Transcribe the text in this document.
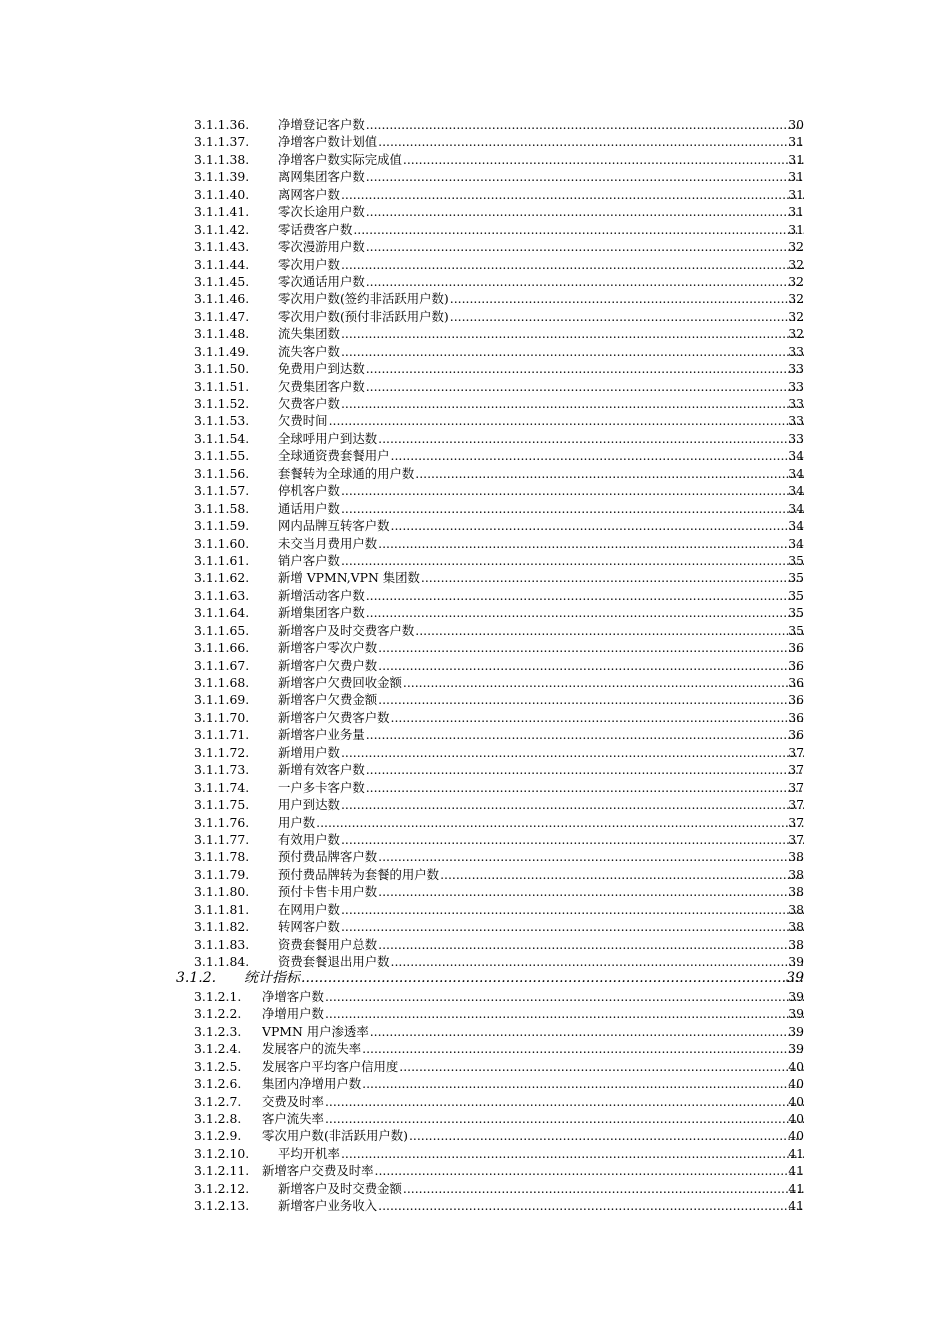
3.1.1.36. 净增登记客户数 .....	30
3.1.1.37. 净增客户数计划值 .....	31
3.1.1.38. 净增客户数实际完成值 .....	31
3.1.1.39. 离网集团客户数 .....	31
3.1.1.40. 离网客户数 .....	31
3.1.1.41. 零次长途用户数 .....	31
3.1.1.42. 零话费客户数 .....	31
3.1.1.43. 零次漫游用户数 .....	32
3.1.1.44. 零次用户数 .....	32
3.1.1.45. 零次通话用户数 .....	32
3.1.1.46. 零次用户数(签约非活跃用户数) .....	32
3.1.1.47. 零次用户数(预付非活跃用户数) .....	32
3.1.1.48. 流失集团数 .....	32
3.1.1.49. 流失客户数 .....	33
3.1.1.50. 免费用户到达数 .....	33
3.1.1.51. 欠费集团客户数 .....	33
3.1.1.52. 欠费客户数 .....	33
3.1.1.53. 欠费时间 .....	33
3.1.1.54. 全球呼用户到达数 .....	33
3.1.1.55. 全球通资费套餐用户 .....	34
3.1.1.56. 套餐转为全球通的用户数 .....	34
3.1.1.57. 停机客户数 .....	34
3.1.1.58. 通话用户数 .....	34
3.1.1.59. 网内品牌互转客户数 .....	34
3.1.1.60. 未交当月费用户数 .....	34
3.1.1.61. 销户客户数 .....	35
3.1.1.62. 新增 VPMN,VPN 集团数 .....	35
3.1.1.63. 新增活动客户数 .....	35
3.1.1.64. 新增集团客户数 .....	35
3.1.1.65. 新增客户及时交费客户数 .....	35
3.1.1.66. 新增客户零次户数 .....	36
3.1.1.67. 新增客户欠费户数 .....	36
3.1.1.68. 新增客户欠费回收金额 .....	36
3.1.1.69. 新增客户欠费金额 .....	36
3.1.1.70. 新增客户欠费客户数 .....	36
3.1.1.71. 新增客户业务量 .....	36
3.1.1.72. 新增用户数 .....	37
3.1.1.73. 新增有效客户数 .....	37
3.1.1.74. 一户多卡客户数 .....	37
3.1.1.75. 用户到达数 .....	37
3.1.1.76. 用户数 .....	37
3.1.1.77. 有效用户数 .....	37
3.1.1.78. 预付费品牌客户数 .....	38
3.1.1.79. 预付费品牌转为套餐的用户数 .....	38
3.1.1.80. 预付卡售卡用户数 .....	38
3.1.1.81. 在网用户数 .....	38
3.1.1.82. 转网客户数 .....	38
3.1.1.83. 资费套餐用户总数 .....	38
3.1.1.84. 资费套餐退出用户数 .....	39
3.1.2. 统计指标 .....	39
3.1.2.1. 净增客户数 .....	39
3.1.2.2. 净增用户数 .....	39
3.1.2.3. VPMN 用户渗透率 .....	39
3.1.2.4. 发展客户的流失率 .....	39
3.1.2.5. 发展客户平均客户信用度 .....	40
3.1.2.6. 集团内净增用户数 .....	40
3.1.2.7. 交费及时率 .....	40
3.1.2.8. 客户流失率 .....	40
3.1.2.9. 零次用户数(非活跃用户数) .....	40
3.1.2.10. 平均开机率 .....	41
3.1.2.11. 新增客户交费及时率 .....	41
3.1.2.12. 新增客户及时交费金额 .....	41
3.1.2.13. 新增客户业务收入 .....	41
